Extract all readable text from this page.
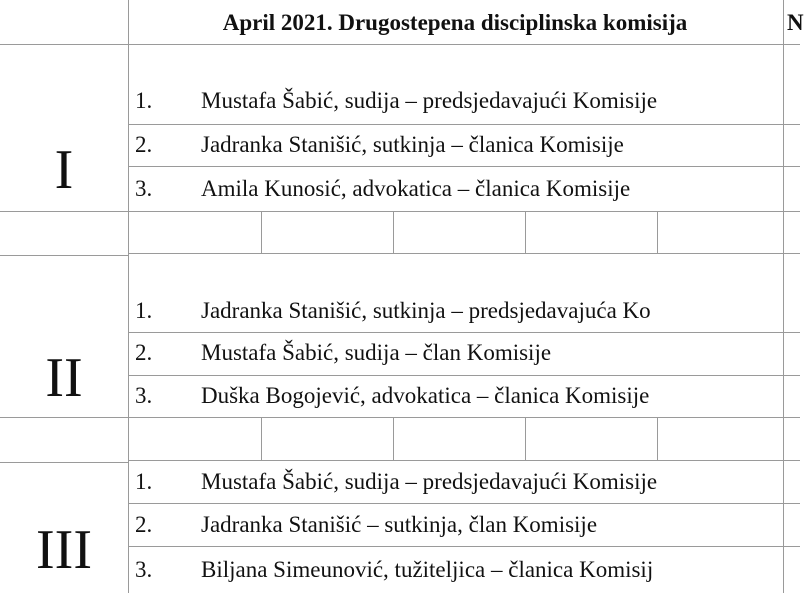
April 2021. Drugostepena disciplinska komisija	N
I
1. Mustafa Šabić, sudija – predsjedavajući Komisije
2. Jadranka Stanišić, sutkinja – članica Komisije
3. Amila Kunosić, advokatica – članica Komisije
II
1. Jadranka Stanišić, sutkinja – predsjedavajuća Ko
2. Mustafa Šabić, sudija – član Komisije
3. Duška Bogojević, advokatica – članica Komisije
III
1. Mustafa Šabić, sudija – predsjedavajući Komisije
2. Jadranka Stanišić – sutkinja, član Komisije
3. Biljana Simeunović, tužiteljica – članica Komisij
